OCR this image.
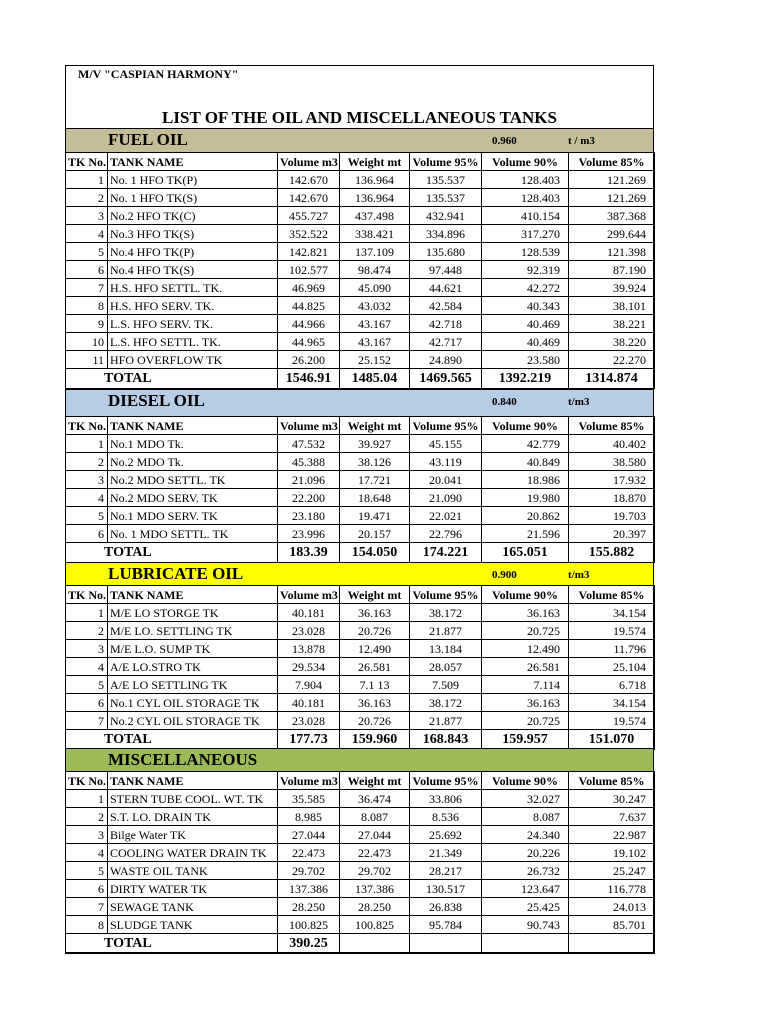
M/V "CASPIAN HARMONY"
LIST OF THE OIL AND MISCELLANEOUS TANKS
FUEL OIL	0.960	t / m3
TK No.	TANK NAME	Volume m3	Weight mt	Volume 95%	Volume 90%	Volume 85%
1	No. 1 HFO TK(P)	142.670	136.964	135.537	128.403	121.269
2	No. 1 HFO TK(S)	142.670	136.964	135.537	128.403	121.269
3	No.2 HFO TK(C)	455.727	437.498	432.941	410.154	387.368
4	No.3 HFO TK(S)	352.522	338.421	334.896	317.270	299.644
5	No.4 HFO TK(P)	142.821	137.109	135.680	128.539	121.398
6	No.4 HFO TK(S)	102.577	98.474	97.448	92.319	87.190
7	H.S. HFO SETTL. TK.	46.969	45.090	44.621	42.272	39.924
8	H.S. HFO SERV. TK.	44.825	43.032	42.584	40.343	38.101
9	L.S. HFO SERV. TK.	44.966	43.167	42.718	40.469	38.221
10	L.S. HFO SETTL. TK.	44.965	43.167	42.717	40.469	38.220
11	HFO OVERFLOW TK	26.200	25.152	24.890	23.580	22.270
TOTAL		1546.91	1485.04	1469.565	1392.219	1314.874
DIESEL OIL	0.840	t/m3
TK No.	TANK NAME	Volume m3	Weight mt	Volume 95%	Volume 90%	Volume 85%
1	No.1 MDO Tk.	47.532	39.927	45.155	42.779	40.402
2	No.2 MDO Tk.	45.388	38.126	43.119	40.849	38.580
3	No.2 MDO SETTL. TK	21.096	17.721	20.041	18.986	17.932
4	No.2 MDO SERV. TK	22.200	18.648	21.090	19.980	18.870
5	No.1 MDO SERV. TK	23.180	19.471	22.021	20.862	19.703
6	No. 1 MDO SETTL. TK	23.996	20.157	22.796	21.596	20.397
TOTAL		183.39	154.050	174.221	165.051	155.882
LUBRICATE OIL	0.900	t/m3
TK No.	TANK NAME	Volume m3	Weight mt	Volume 95%	Volume 90%	Volume 85%
1	M/E LO STORGE TK	40.181	36.163	38.172	36.163	34.154
2	M/E LO. SETTLING TK	23.028	20.726	21.877	20.725	19.574
3	M/E L.O. SUMP TK	13.878	12.490	13.184	12.490	11.796
4	A/E LO.STRO TK	29.534	26.581	28.057	26.581	25.104
5	A/E LO SETTLING TK	7.904	7.1 13	7.509	7.114	6.718
6	No.1 CYL OIL STORAGE TK	40.181	36.163	38.172	36.163	34.154
7	No.2 CYL OIL STORAGE TK	23.028	20.726	21.877	20.725	19.574
TOTAL		177.73	159.960	168.843	159.957	151.070
MISCELLANEOUS
TK No.	TANK NAME	Volume m3	Weight mt	Volume 95%	Volume 90%	Volume 85%
1	STERN TUBE COOL. WT. TK	35.585	36.474	33.806	32.027	30.247
2	S.T. LO. DRAIN TK	8.985	8.087	8.536	8.087	7.637
3	Bilge Water TK	27.044	27.044	25.692	24.340	22.987
4	COOLING WATER DRAIN TK	22.473	22.473	21.349	20.226	19.102
5	WASTE OIL TANK	29.702	29.702	28.217	26.732	25.247
6	DIRTY WATER TK	137.386	137.386	130.517	123.647	116.778
7	SEWAGE TANK	28.250	28.250	26.838	25.425	24.013
8	SLUDGE TANK	100.825	100.825	95.784	90.743	85.701
TOTAL		390.25				
